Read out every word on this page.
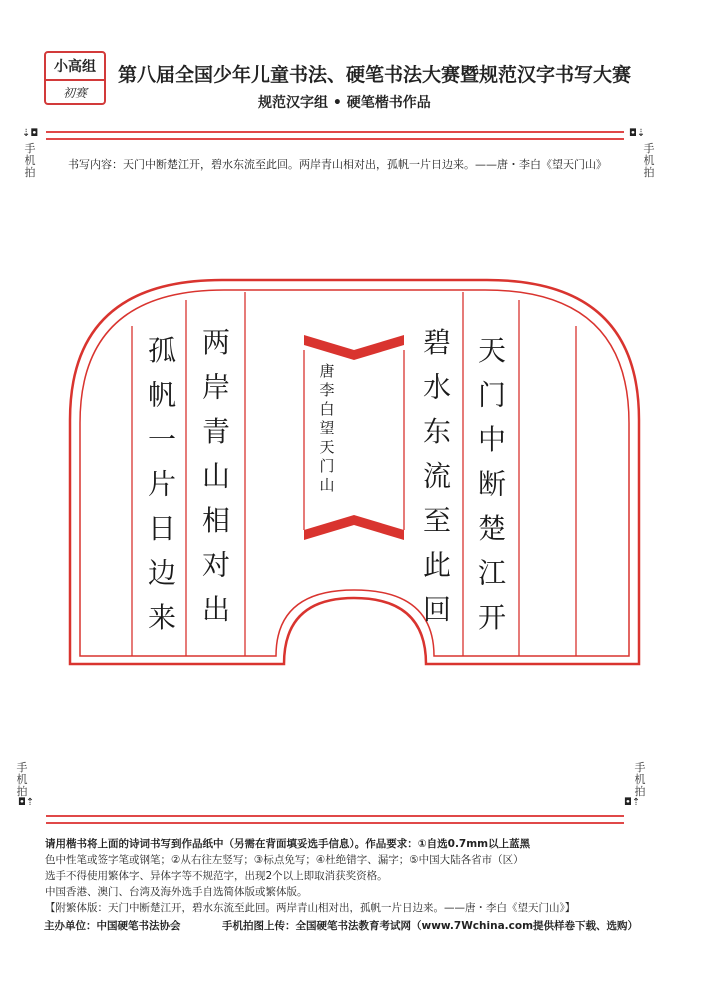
小高组
初赛
第八届全国少年儿童书法、硬笔书法大赛暨规范汉字书写大赛
规范汉字组 • 硬笔楷书作品
⇣◘
手机拍
◘⇣
手机拍
书写内容：天门中断楚江开，碧水东流至此回。两岸青山相对出，孤帆一片日边来。——唐・李白《望天门山》
天
门
中
断
楚
江
开
碧
水
东
流
至
此
回
两
岸
青
山
相
对
出
孤
帆
一
片
日
边
来
唐
李
白
望
天
门
山
手机拍
◘⇡
手机拍
◘⇡
请用楷书将上面的诗词书写到作品纸中（另需在背面填妥选手信息）。作品要求：①自选0.7mm以上蓝黑
色中性笔或签字笔或钢笔；②从右往左竖写；③标点免写；④杜绝错字、漏字；⑤中国大陆各省市（区）
选手不得使用繁体字、异体字等不规范字，出现2个以上即取消获奖资格。
中国香港、澳门、台湾及海外选手自选简体版或繁体版。
【附繁体版：天门中断楚江开，碧水东流至此回。两岸青山相对出，孤帆一片日边来。——唐・李白《望天门山》】
主办单位：中国硬笔书法协会	手机拍图上传：全国硬笔书法教育考试网（www.7Wchina.com提供样卷下载、选购）
